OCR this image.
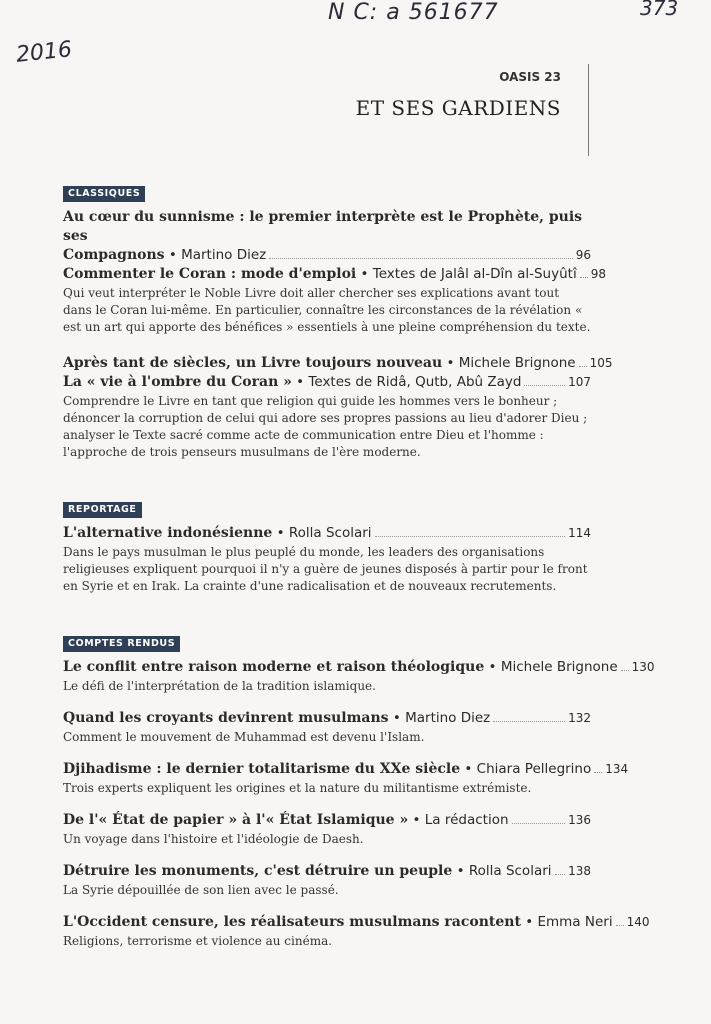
N C: a 561677	373
2016
OASIS 23
ET SES GARDIENS
CLASSIQUES
Au cœur du sunnisme : le premier interprète est le Prophète, puis ses
Compagnons • Martino Diez	96
Commenter le Coran : mode d'emploi • Textes de Jalâl al-Dîn al-Suyûtî 98
Qui veut interpréter le Noble Livre doit aller chercher ses explications avant tout dans le Coran lui-même. En particulier, connaître les circonstances de la révélation « est un art qui apporte des bénéfices » essentiels à une pleine compréhension du texte.
Après tant de siècles, un Livre toujours nouveau • Michele Brignone 105
La « vie à l'ombre du Coran » • Textes de Ridâ, Qutb, Abû Zayd	107
Comprendre le Livre en tant que religion qui guide les hommes vers le bonheur ; dénoncer la corruption de celui qui adore ses propres passions au lieu d'adorer Dieu ; analyser le Texte sacré comme acte de communication entre Dieu et l'homme : l'approche de trois penseurs musulmans de l'ère moderne.
REPORTAGE
L'alternative indonésienne • Rolla Scolari	114
Dans le pays musulman le plus peuplé du monde, les leaders des organisations religieuses expliquent pourquoi il n'y a guère de jeunes disposés à partir pour le front en Syrie et en Irak. La crainte d'une radicalisation et de nouveaux recrutements.
COMPTES RENDUS
Le conflit entre raison moderne et raison théologique • Michele Brignone 130
Le défi de l'interprétation de la tradition islamique.
Quand les croyants devinrent musulmans • Martino Diez	132
Comment le mouvement de Muhammad est devenu l'Islam.
Djihadisme : le dernier totalitarisme du XXe siècle • Chiara Pellegrino 134
Trois experts expliquent les origines et la nature du militantisme extrémiste.
De l'« État de papier » à l'« État Islamique » • La rédaction	136
Un voyage dans l'histoire et l'idéologie de Daesh.
Détruire les monuments, c'est détruire un peuple • Rolla Scolari 138
La Syrie dépouillée de son lien avec le passé.
L'Occident censure, les réalisateurs musulmans racontent • Emma Neri 140
Religions, terrorisme et violence au cinéma.
